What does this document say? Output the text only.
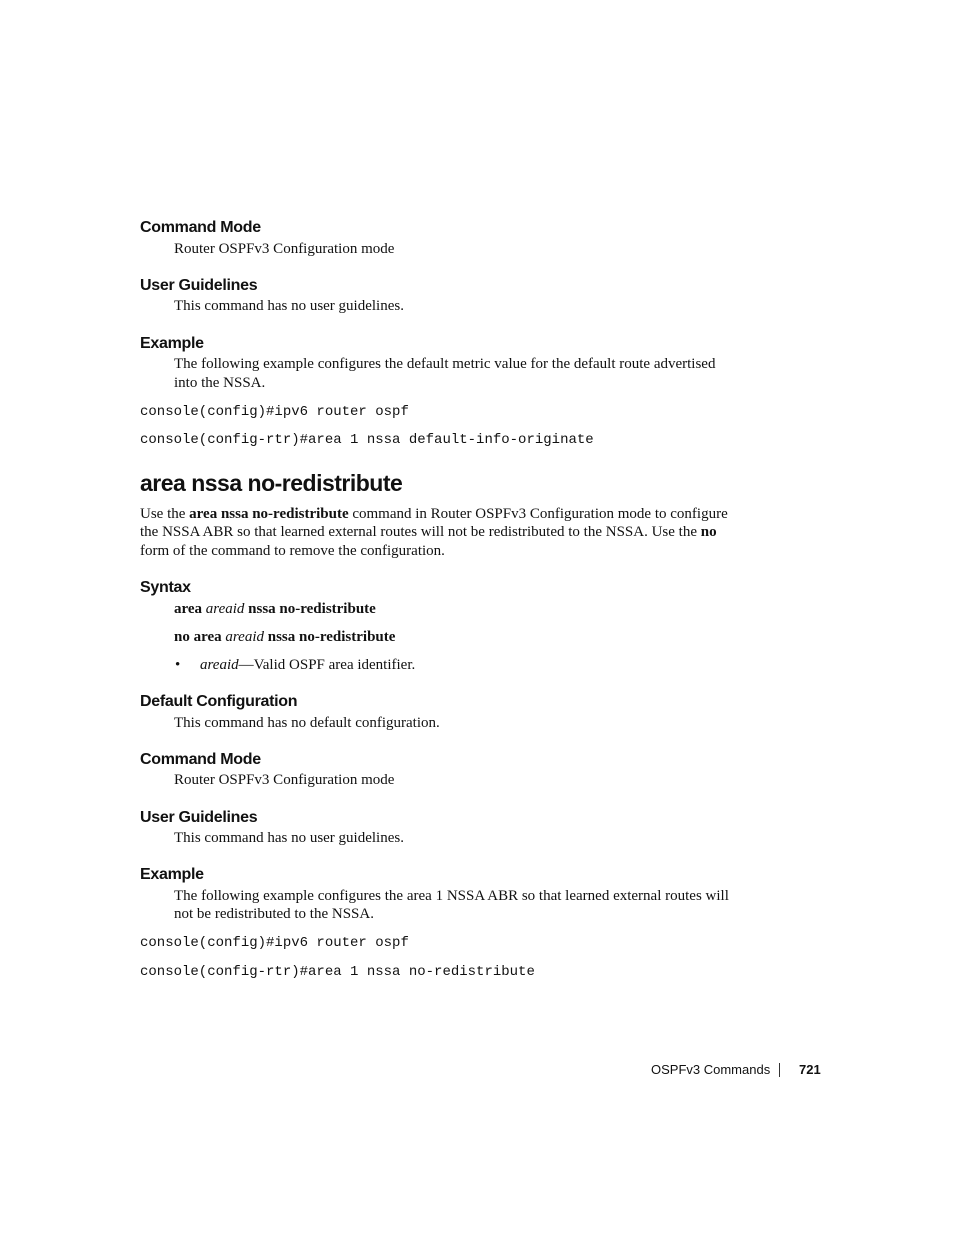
Command Mode
Router OSPFv3 Configuration mode
User Guidelines
This command has no user guidelines.
Example
The following example configures the default metric value for the default route advertised
into the NSSA.
console(config)#ipv6 router ospf
console(config-rtr)#area 1 nssa default-info-originate
area nssa no-redistribute
Use the area nssa no-redistribute command in Router OSPFv3 Configuration mode to configure
the NSSA ABR so that learned external routes will not be redistributed to the NSSA. Use the no
form of the command to remove the configuration.
Syntax
area areaid nssa no-redistribute
no area areaid nssa no-redistribute
• areaid—Valid OSPF area identifier.
Default Configuration
This command has no default configuration.
Command Mode
Router OSPFv3 Configuration mode
User Guidelines
This command has no user guidelines.
Example
The following example configures the area 1 NSSA ABR so that learned external routes will
not be redistributed to the NSSA.
console(config)#ipv6 router ospf
console(config-rtr)#area 1 nssa no-redistribute
OSPFv3 Commands 721
